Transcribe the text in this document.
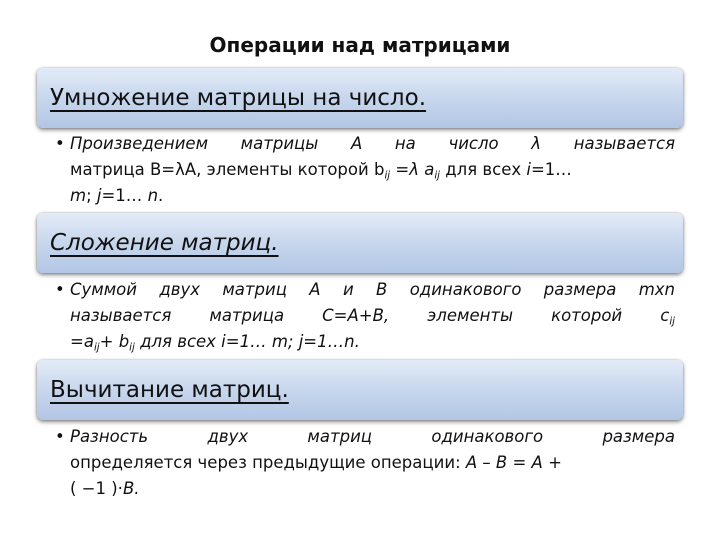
Операции над матрицами
Умножение матрицы на число.
• Произведением матрицы А на число λ называется
матрица B=λA, элементы которой $b_{ij} =\lambda$ $a_{ij}$ для всех i=1…
m; j=1… n.
Сложение матриц.
• Суммой двух матриц А и В одинакового размера mxn
называется матрица С=А+В, элементы которой $c_{ij}$
$=a_{ij}+ b_{ij}$ для всех i=1… m; j=1…n.
Вычитание матриц.
• Разность двух матриц одинакового размера
определяется через предыдущие операции: А – В = А +
( −1 )·В.
